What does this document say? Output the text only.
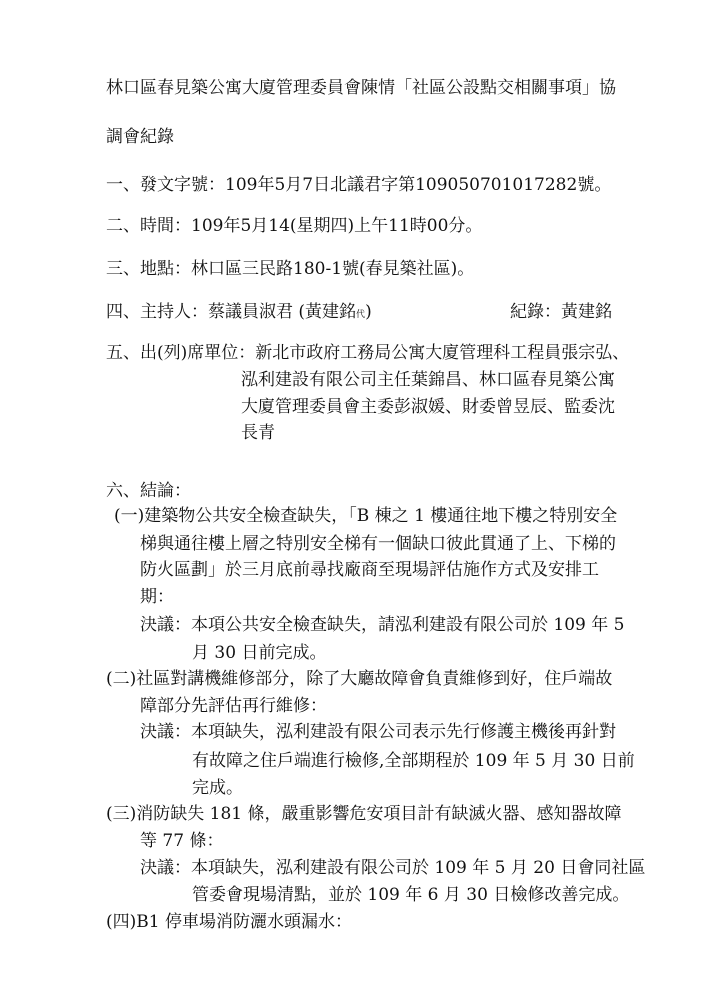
林口區春見築公寓大廈管理委員會陳情「社區公設點交相關事項」協
調會紀錄
一、發文字號：109年5月7日北議君字第109050701017282號。
二、時間：109年5月14(星期四)上午11時00分。
三、地點：林口區三民路180-1號(春見築社區)。
四、主持人：蔡議員淑君 (黃建銘代)	紀錄：黃建銘
五、出(列)席單位：新北市政府工務局公寓大廈管理科工程員張宗弘、
泓利建設有限公司主任葉錦昌、林口區春見築公寓
大廈管理委員會主委彭淑媛、財委曾昱辰、監委沈
長青
六、結論：
(一)建築物公共安全檢查缺失，「B 棟之 1 樓通往地下樓之特別安全
梯與通往樓上層之特別安全梯有一個缺口彼此貫通了上、下梯的
防火區劃」於三月底前尋找廠商至現場評估施作方式及安排工
期：
決議：本項公共安全檢查缺失，請泓利建設有限公司於 109 年 5
月 30 日前完成。
(二)社區對講機維修部分，除了大廳故障會負責維修到好，住戶端故
障部分先評估再行維修：
決議：本項缺失，泓利建設有限公司表示先行修護主機後再針對
有故障之住戶端進行檢修,全部期程於 109 年 5 月 30 日前
完成。
(三)消防缺失 181 條，嚴重影響危安項目計有缺滅火器、感知器故障
等 77 條：
決議：本項缺失，泓利建設有限公司於 109 年 5 月 20 日會同社區
管委會現場清點，並於 109 年 6 月 30 日檢修改善完成。
(四)B1 停車場消防灑水頭漏水：
